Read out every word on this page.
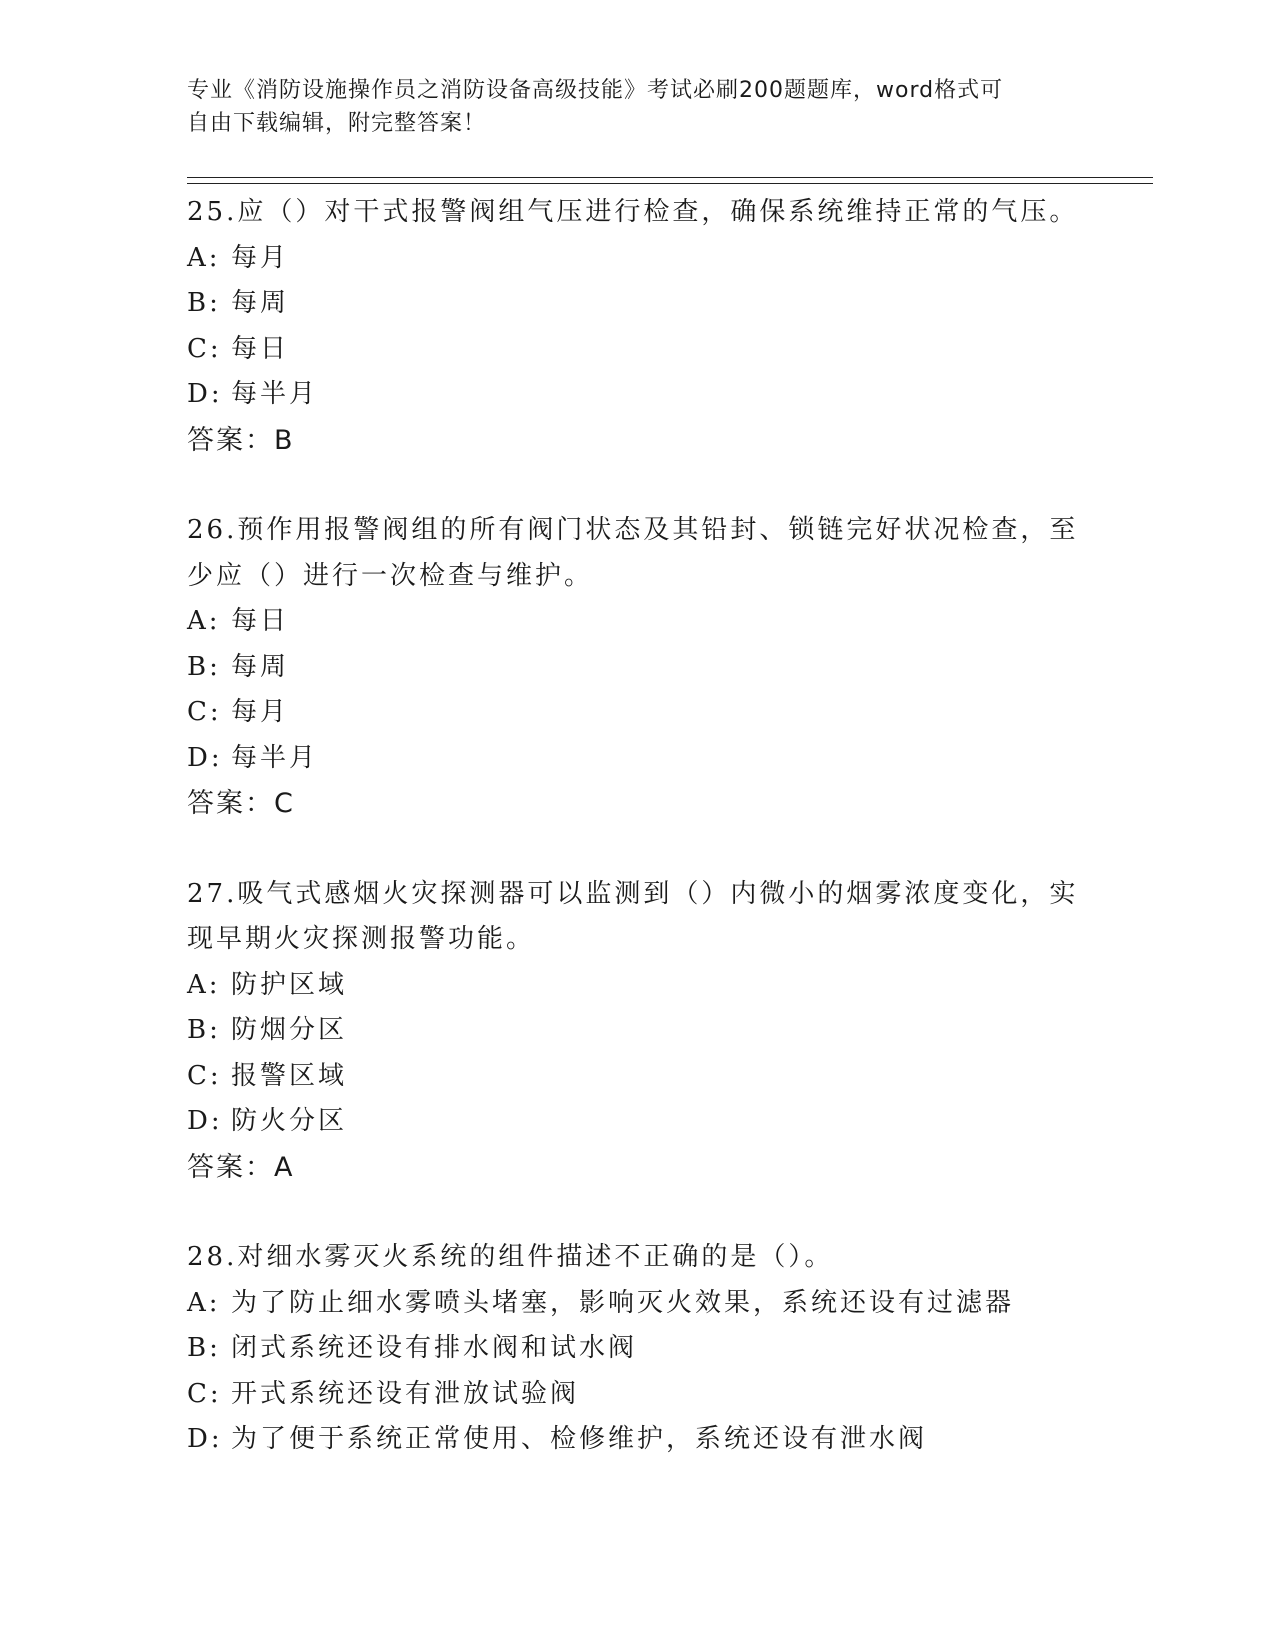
专业《消防设施操作员之消防设备高级技能》考试必刷200题题库，word格式可
自由下载编辑，附完整答案！
25.应（）对干式报警阀组气压进行检查，确保系统维持正常的气压。
A: 每月
B: 每周
C: 每日
D: 每半月
答案：B
26.预作用报警阀组的所有阀门状态及其铅封、锁链完好状况检查，至
少应（）进行一次检查与维护。
A: 每日
B: 每周
C: 每月
D: 每半月
答案：C
27.吸气式感烟火灾探测器可以监测到（）内微小的烟雾浓度变化，实
现早期火灾探测报警功能。
A: 防护区域
B: 防烟分区
C: 报警区域
D: 防火分区
答案：A
28.对细水雾灭火系统的组件描述不正确的是（）。
A: 为了防止细水雾喷头堵塞，影响灭火效果，系统还设有过滤器
B: 闭式系统还设有排水阀和试水阀
C: 开式系统还设有泄放试验阀
D: 为了便于系统正常使用、检修维护，系统还设有泄水阀
